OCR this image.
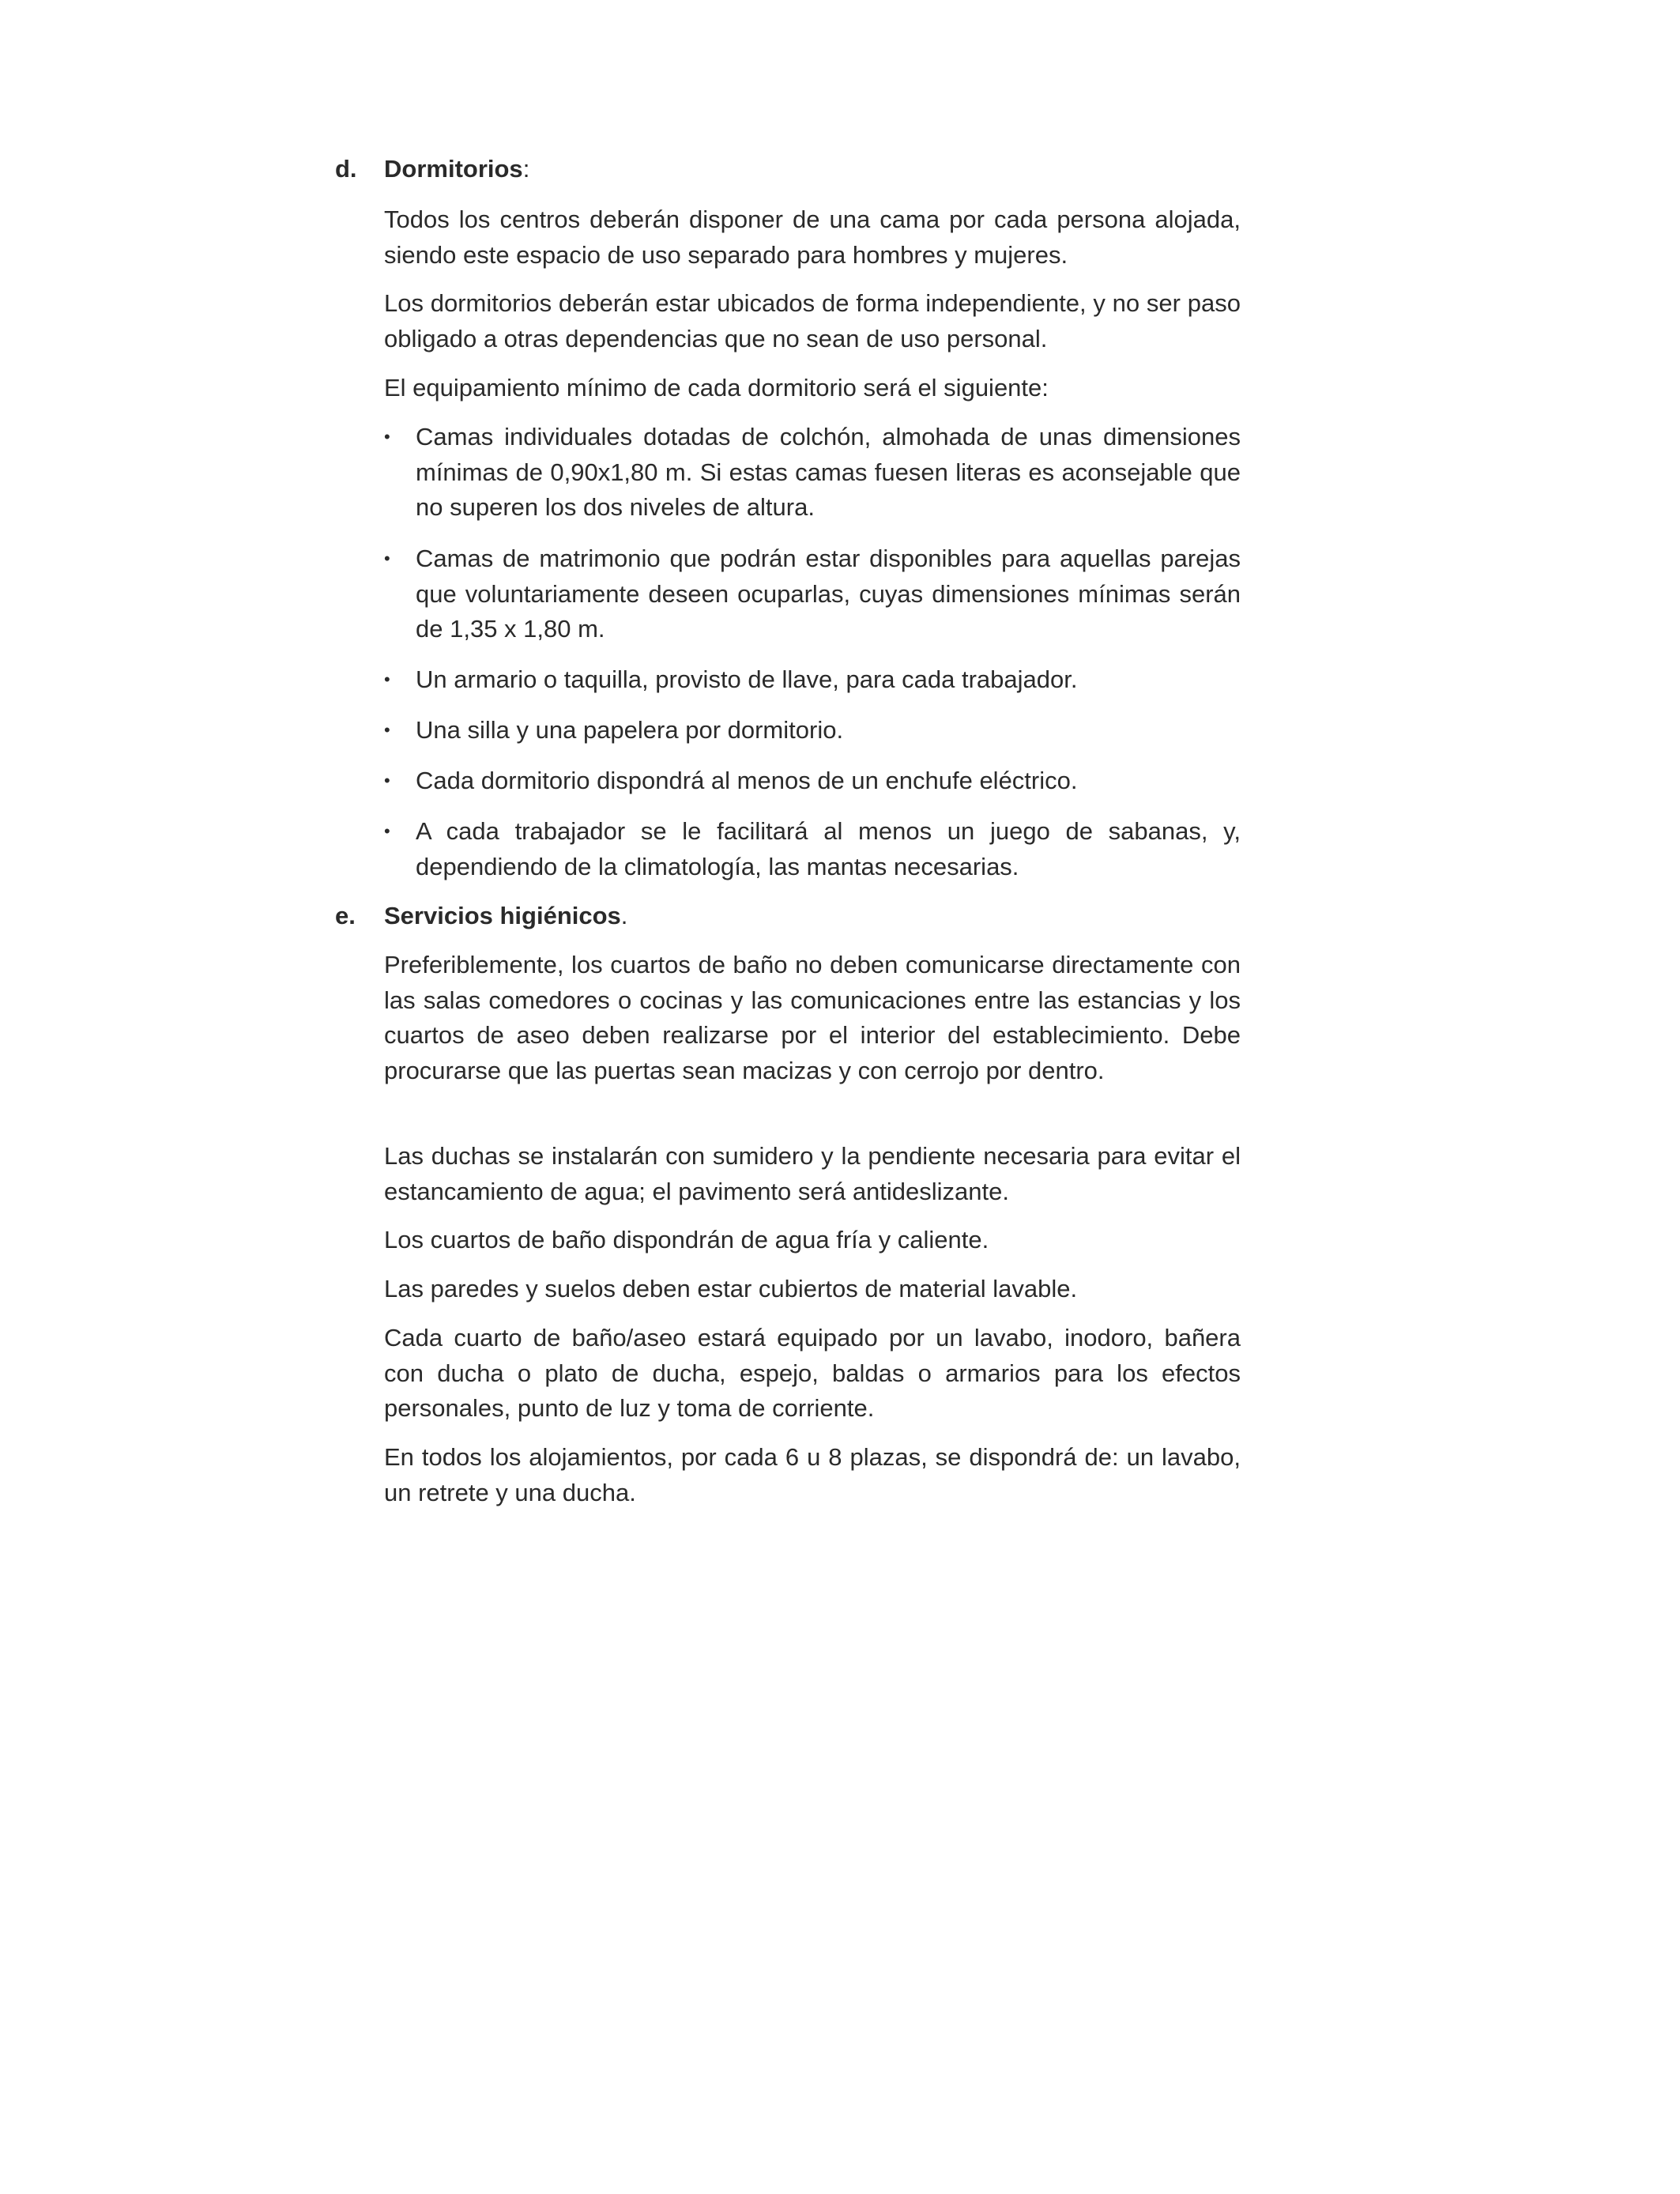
d. Dormitorios:

Todos los centros deberán disponer de una cama por cada persona alojada, siendo este espacio de uso separado para hombres y mujeres.

Los dormitorios deberán estar ubicados de forma independiente, y no ser paso obligado a otras dependencias que no sean de uso personal.

El equipamiento mínimo de cada dormitorio será el siguiente:

•	Camas individuales dotadas de colchón, almohada de unas dimensiones mínimas de 0,90x1,80 m. Si estas camas fuesen literas es aconsejable que no superen los dos niveles de altura.
•	Camas de matrimonio que podrán estar disponibles para aquellas parejas que voluntariamente deseen ocuparlas, cuyas dimensiones mínimas serán de 1,35 x 1,80 m.
•	Un armario o taquilla, provisto de llave, para cada trabajador.
•	Una silla y una papelera por dormitorio.
•	Cada dormitorio dispondrá al menos de un enchufe eléctrico.
•	A cada trabajador se le facilitará al menos un juego de sabanas, y, dependiendo de la climatología, las mantas necesarias.
e. Servicios higiénicos.

Preferiblemente, los cuartos de baño no deben comunicarse directamente con las salas comedores o cocinas y las comunicaciones entre las estancias y los cuartos de aseo deben realizarse por el interior del establecimiento. Debe procurarse que las puertas sean macizas y con cerrojo por dentro.

Las duchas se instalarán con sumidero y la pendiente necesaria para evitar el estancamiento de agua; el pavimento será antideslizante.

Los cuartos de baño dispondrán de agua fría y caliente.

Las paredes y suelos deben estar cubiertos de material lavable.

Cada cuarto de baño/aseo estará equipado por un lavabo, inodoro, bañera con ducha o plato de ducha, espejo, baldas o armarios para los efectos personales, punto de luz y toma de corriente.

En todos los alojamientos, por cada 6 u 8 plazas, se dispondrá de: un lavabo, un retrete y una ducha.
